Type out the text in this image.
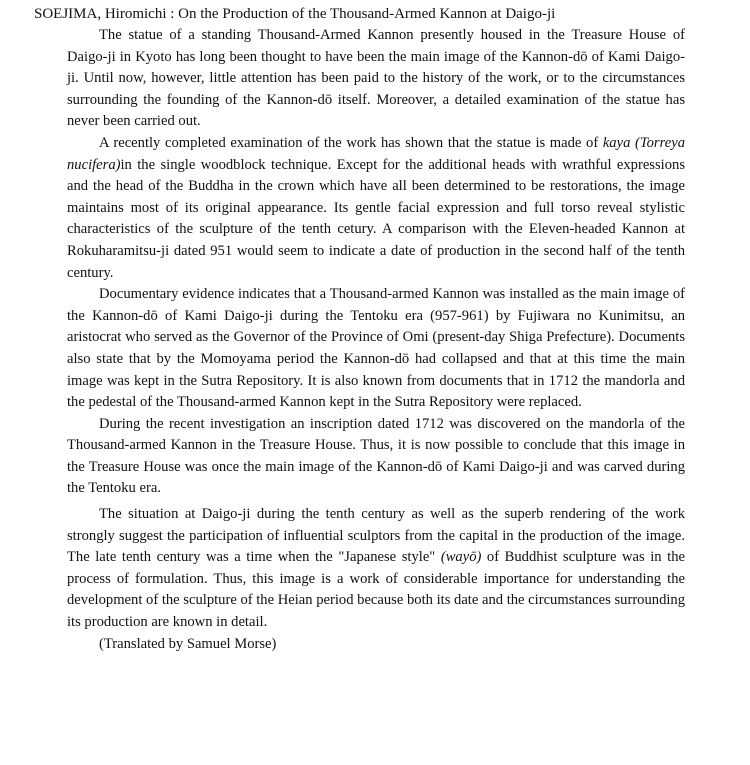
SOEJIMA, Hiromichi : On the Production of the Thousand-Armed Kannon at Daigo-ji

The statue of a standing Thousand-Armed Kannon presently housed in the Treasure House of Daigo-ji in Kyoto has long been thought to have been the main image of the Kannon-dō of Kami Daigo-ji. Until now, however, little attention has been paid to the history of the work, or to the circumstances surrounding the founding of the Kannon-dō itself. Moreover, a detailed examination of the statue has never been carried out.

A recently completed examination of the work has shown that the statue is made of kaya (Torreya nucifera)in the single woodblock technique. Except for the additional heads with wrathful expressions and the head of the Buddha in the crown which have all been determined to be restorations, the image maintains most of its original appearance. Its gentle facial expression and full torso reveal stylistic characteristics of the sculpture of the tenth cetury. A comparison with the Eleven-headed Kannon at Rokuharamitsu-ji dated 951 would seem to indicate a date of production in the second half of the tenth century.

Documentary evidence indicates that a Thousand-armed Kannon was installed as the main image of the Kannon-dō of Kami Daigo-ji during the Tentoku era (957-961) by Fujiwara no Kunimitsu, an aristocrat who served as the Governor of the Province of Omi (present-day Shiga Prefecture). Documents also state that by the Momoyama period the Kannon-dō had collapsed and that at this time the main image was kept in the Sutra Repository. It is also known from documents that in 1712 the mandorla and the pedestal of the Thousand-armed Kannon kept in the Sutra Repository were replaced.

During the recent investigation an inscription dated 1712 was discovered on the mandorla of the Thousand-armed Kannon in the Treasure House. Thus, it is now possible to conclude that this image in the Treasure House was once the main image of the Kannon-dō of Kami Daigo-ji and was carved during the Tentoku era.

The situation at Daigo-ji during the tenth century as well as the superb rendering of the work strongly suggest the participation of influential sculptors from the capital in the production of the image. The late tenth century was a time when the "Japanese style" (wayō) of Buddhist sculpture was in the process of formulation. Thus, this image is a work of considerable importance for understanding the development of the sculpture of the Heian period because both its date and the circumstances surrounding its production are known in detail.

(Translated by Samuel Morse)
